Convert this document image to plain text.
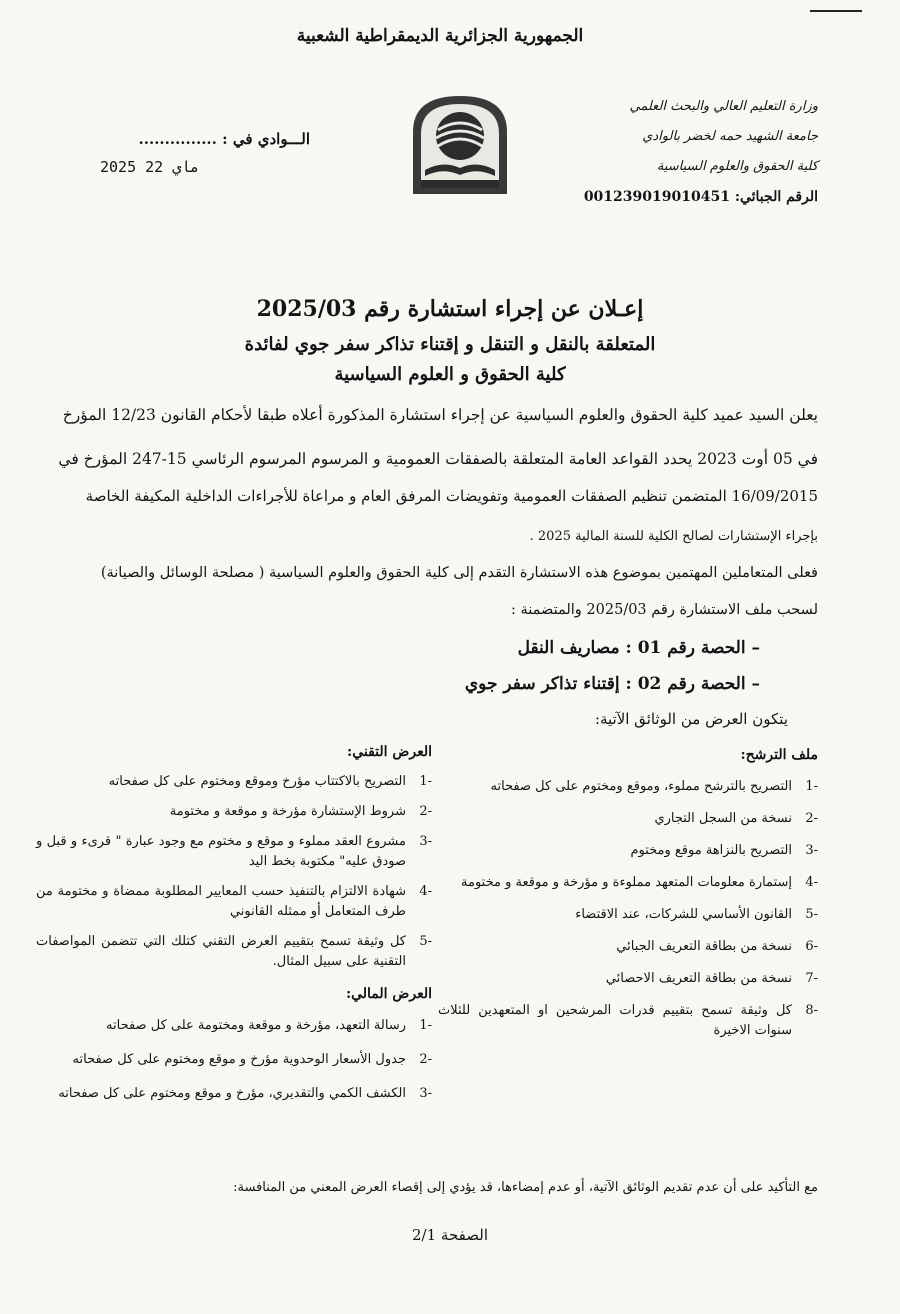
الجمهورية الجزائرية الديمقراطية الشعبية
وزارة التعليم العالي والبحث العلمي
جامعة الشهيد حمه لخضر بالوادي
كلية الحقوق والعلوم السياسية
الرقم الجبائي: 001239019010451
الـــوادي في : ...............
2025 ماي 22
إعـلان عن إجراء استشارة رقم 2025/03
المتعلقة بالنقل و التنقل و إقتناء تذاكر سفر جوي لفائدة
كلية الحقوق و العلوم السياسية
يعلن السيد عميد كلية الحقوق والعلوم السياسية عن إجراء استشارة المذكورة أعلاه طبقا لأحكام القانون 12/23 المؤرخ
في 05 أوت 2023 يحدد القواعد العامة المتعلقة بالصفقات العمومية و المرسوم المرسوم الرئاسي 15-247 المؤرخ في
16/09/2015 المتضمن تنظيم الصفقات العمومية وتفويضات المرفق العام و مراعاة للأجراءات الداخلية المكيفة الخاصة
بإجراء الإستشارات لصالح الكلية للسنة المالية 2025 .
فعلى المتعاملين المهتمين بموضوع هذه الاستشارة التقدم إلى كلية الحقوق والعلوم السياسية ( مصلحة الوسائل والصيانة)
لسحب ملف الاستشارة رقم 2025/03 والمتضمنة :
– الحصة رقم 01 : مصاريف النقل
– الحصة رقم 02 : إقتناء تذاكر سفر جوي
يتكون العرض من الوثائق الآتية:
ملف الترشح:
-1
التصريح بالترشح مملوء، وموقع ومختوم على كل صفحاته
-2
نسخة من السجل التجاري
-3
التصريح بالنزاهة موقع ومختوم
-4
إستمارة معلومات المتعهد مملوءة و مؤرخة و موقعة و مختومة
-5
القانون الأساسي للشركات، عند الاقتضاء
-6
نسخة من بطاقة التعريف الجبائي
-7
نسخة من بطاقة التعريف الاحصائي
-8
كل وثيقة تسمح بتقييم قدرات المرشحين او المتعهدين للثلاث سنوات الاخيرة
العرض التقني:
-1
التصريح بالاكتتاب مؤرخ وموقع ومختوم على كل صفحاته
-2
شروط الإستشارة مؤرخة و موقعة و مختومة
-3
مشروع العقد مملوء و موقع و مختوم مع وجود عبارة " قرىء و قبل و صودق عليه" مكتوبة بخط اليد
-4
شهادة الالتزام بالتنفيذ حسب المعايير المطلوبة ممضاة و مختومة من طرف المتعامل أو ممثله القانوني
-5
كل وثيقة تسمح بتقييم العرض التقني كتلك التي تتضمن المواصفات التقنية على سبيل المثال.
العرض المالي:
-1
رسالة التعهد، مؤرخة و موقعة ومختومة على كل صفحاته
-2
جدول الأسعار الوحدوية مؤرخ و موقع ومختوم على كل صفحاته
-3
الكشف الكمي والتقديري، مؤرخ و موقع ومختوم على كل صفحاته
مع التأكيد على أن عدم تقديم الوثائق الآتية، أو عدم إمضاءها، قد يؤدي إلى إقصاء العرض المعني من المنافسة:
الصفحة 2/1
